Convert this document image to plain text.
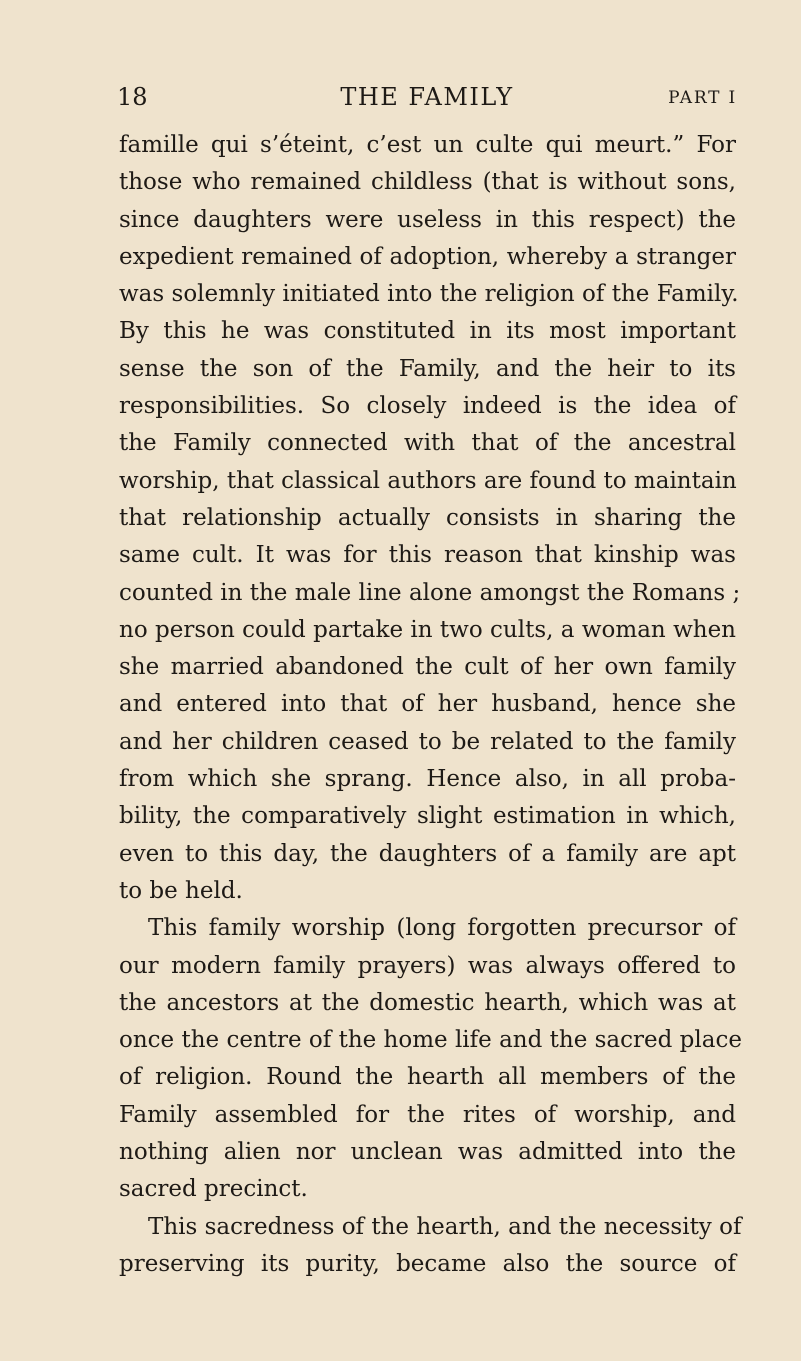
18	THE FAMILY	PART I
famille qui s’éteint, c’est un culte qui meurt.” For
those who remained childless (that is without sons,
since daughters were useless in this respect) the
expedient remained of adoption, whereby a stranger
was solemnly initiated into the religion of the Family.
By this he was constituted in its most important
sense the son of the Family, and the heir to its
responsibilities. So closely indeed is the idea of
the Family connected with that of the ancestral
worship, that classical authors are found to maintain
that relationship actually consists in sharing the
same cult. It was for this reason that kinship was
counted in the male line alone amongst the Romans ;
no person could partake in two cults, a woman when
she married abandoned the cult of her own family
and entered into that of her husband, hence she
and her children ceased to be related to the family
from which she sprang. Hence also, in all proba-
bility, the comparatively slight estimation in which,
even to this day, the daughters of a family are apt
to be held.
This family worship (long forgotten precursor of
our modern family prayers) was always offered to
the ancestors at the domestic hearth, which was at
once the centre of the home life and the sacred place
of religion. Round the hearth all members of the
Family assembled for the rites of worship, and
nothing alien nor unclean was admitted into the
sacred precinct.
This sacredness of the hearth, and the necessity of
preserving its purity, became also the source of
